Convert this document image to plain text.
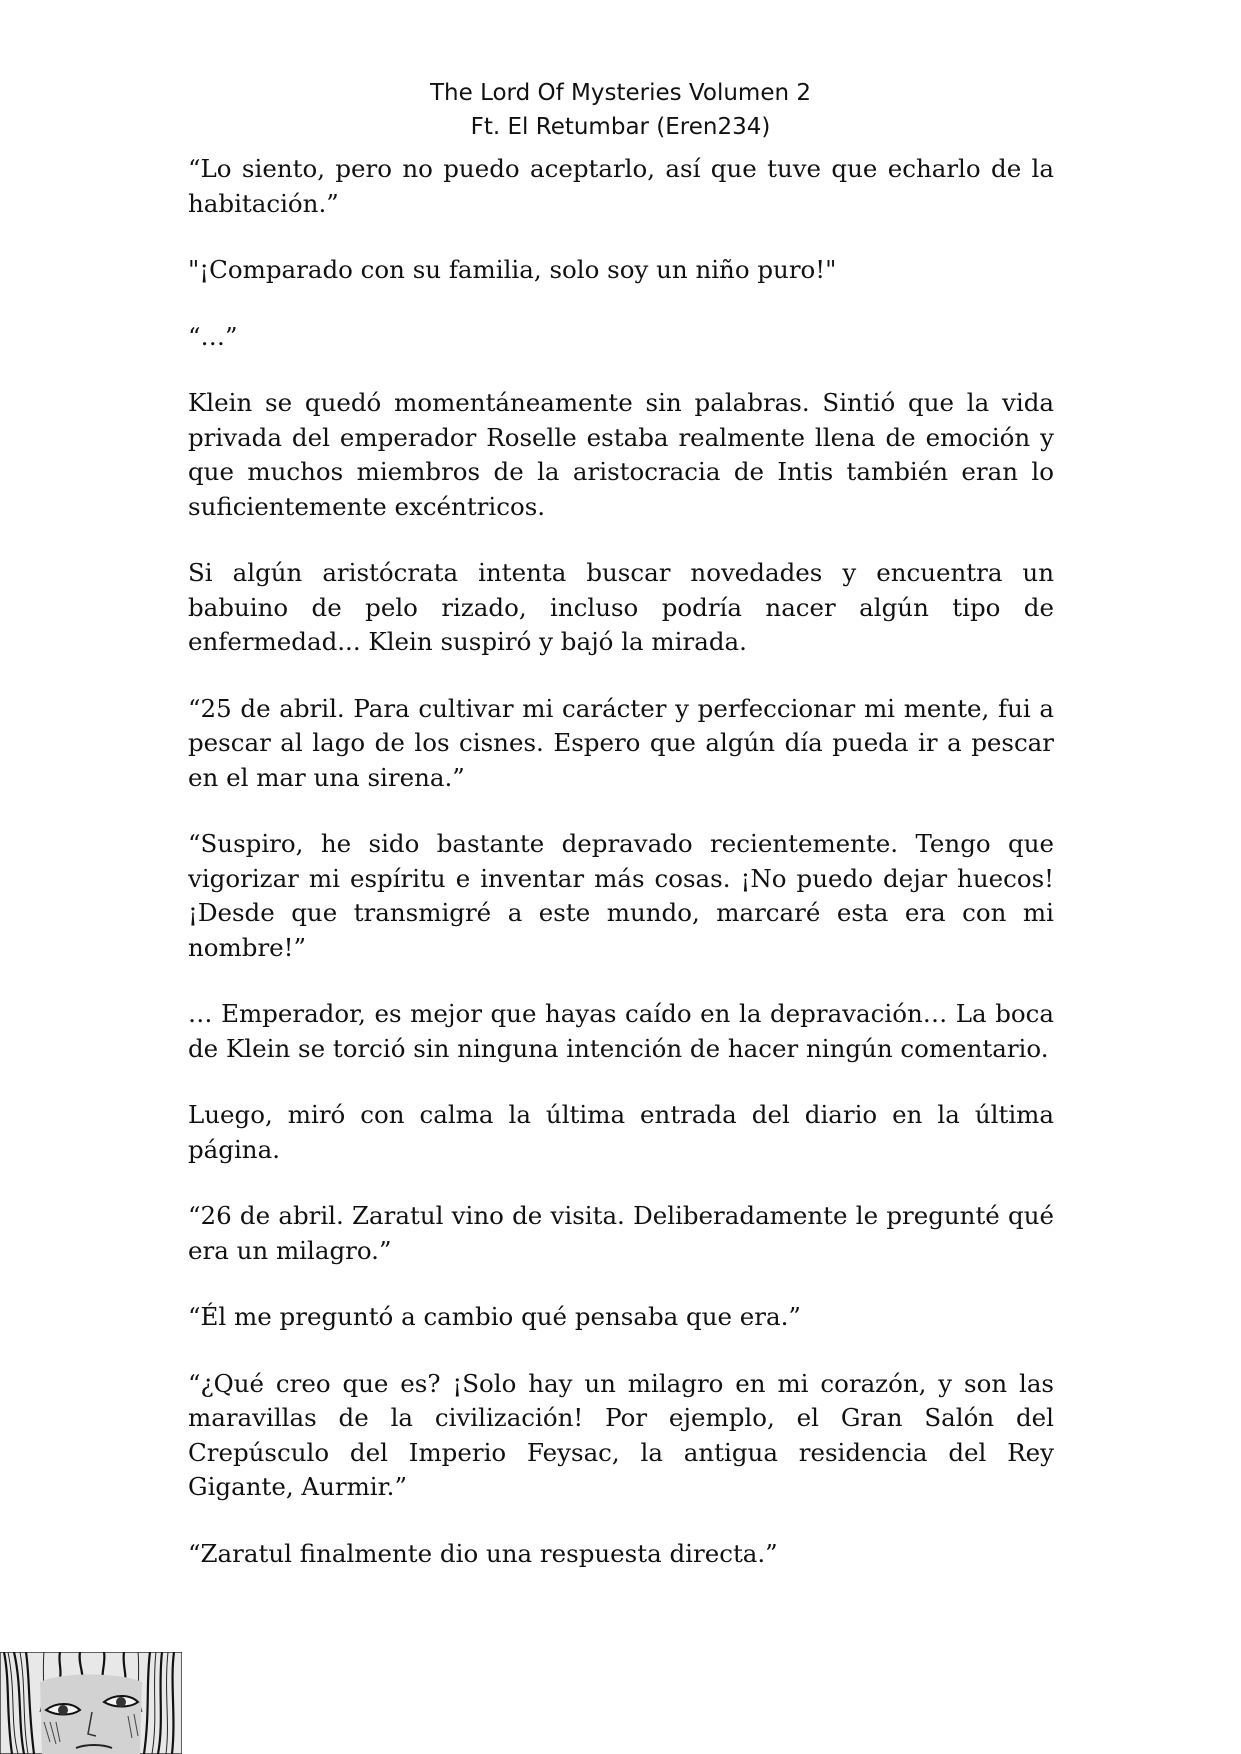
The Lord Of Mysteries Volumen 2
Ft. El Retumbar (Eren234)

“Lo siento, pero no puedo aceptarlo, así que tuve que echarlo de la habitación.”

"¡Comparado con su familia, solo soy un niño puro!"

“…”

Klein se quedó momentáneamente sin palabras. Sintió que la vida privada del emperador Roselle estaba realmente llena de emoción y que muchos miembros de la aristocracia de Intis también eran lo suficientemente excéntricos.

Si algún aristócrata intenta buscar novedades y encuentra un babuino de pelo rizado, incluso podría nacer algún tipo de enfermedad... Klein suspiró y bajó la mirada.

“25 de abril. Para cultivar mi carácter y perfeccionar mi mente, fui a pescar al lago de los cisnes. Espero que algún día pueda ir a pescar en el mar una sirena.”

“Suspiro, he sido bastante depravado recientemente. Tengo que vigorizar mi espíritu e inventar más cosas. ¡No puedo dejar huecos! ¡Desde que transmigré a este mundo, marcaré esta era con mi nombre!”

… Emperador, es mejor que hayas caído en la depravación… La boca de Klein se torció sin ninguna intención de hacer ningún comentario.

Luego, miró con calma la última entrada del diario en la última página.

“26 de abril. Zaratul vino de visita. Deliberadamente le pregunté qué era un milagro.”

“Él me preguntó a cambio qué pensaba que era.”

“¿Qué creo que es? ¡Solo hay un milagro en mi corazón, y son las maravillas de la civilización! Por ejemplo, el Gran Salón del Crepúsculo del Imperio Feysac, la antigua residencia del Rey Gigante, Aurmir.”

“Zaratul finalmente dio una respuesta directa.”
